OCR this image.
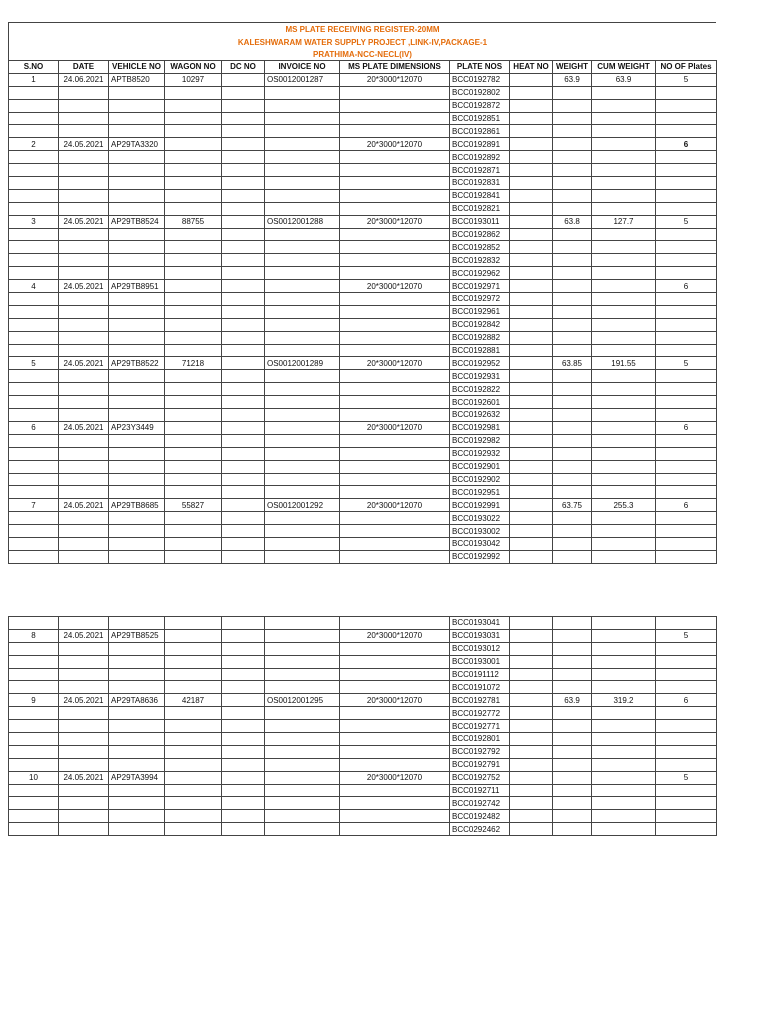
MS PLATE RECEIVING REGISTER-20MM
KALESHWARAM WATER SUPPLY PROJECT ,LINK-IV,PACKAGE-1
PRATHIMA-NCC-NECL(IV)
S.NO	DATE	VEHICLE NO	WAGON NO	DC NO	INVOICE NO	MS PLATE DIMENSIONS	PLATE NOS	HEAT NO	WEIGHT	CUM WEIGHT	NO OF Plates
1	24.06.2021	APTB8520	10297		OS0012001287	20*3000*12070	BCC0192782		63.9	63.9	5
							BCC0192802				
							BCC0192872				
							BCC0192851				
							BCC0192861				
2	24.05.2021	AP29TA3320				20*3000*12070	BCC0192891				6
							BCC0192892				
							BCC0192871				
							BCC0192831				
							BCC0192841				
							BCC0192821				
3	24.05.2021	AP29TB8524	88755		OS0012001288	20*3000*12070	BCC0193011		63.8	127.7	5
							BCC0192862				
							BCC0192852				
							BCC0192832				
							BCC0192962				
4	24.05.2021	AP29TB8951				20*3000*12070	BCC0192971				6
							BCC0192972				
							BCC0192961				
							BCC0192842				
							BCC0192882				
							BCC0192881				
5	24.05.2021	AP29TB8522	71218		OS0012001289	20*3000*12070	BCC0192952		63.85	191.55	5
							BCC0192931				
							BCC0192822				
							BCC0192601				
							BCC0192632				
6	24.05.2021	AP23Y3449				20*3000*12070	BCC0192981				6
							BCC0192982				
							BCC0192932				
							BCC0192901				
							BCC0192902				
							BCC0192951				
7	24.05.2021	AP29TB8685	55827		OS0012001292	20*3000*12070	BCC0192991		63.75	255.3	6
							BCC0193022				
							BCC0193002				
							BCC0193042				
							BCC0192992				
							BCC0193041				
8	24.05.2021	AP29TB8525				20*3000*12070	BCC0193031				5
							BCC0193012				
							BCC0193001				
							BCC0191112				
							BCC0191072				
9	24.05.2021	AP29TA8636	42187		OS0012001295	20*3000*12070	BCC0192781		63.9	319.2	6
							BCC0192772				
							BCC0192771				
							BCC0192801				
							BCC0192792				
							BCC0192791				
10	24.05.2021	AP29TA3994				20*3000*12070	BCC0192752				5
							BCC0192711				
							BCC0192742				
							BCC0192482				
							BCC0292462				
